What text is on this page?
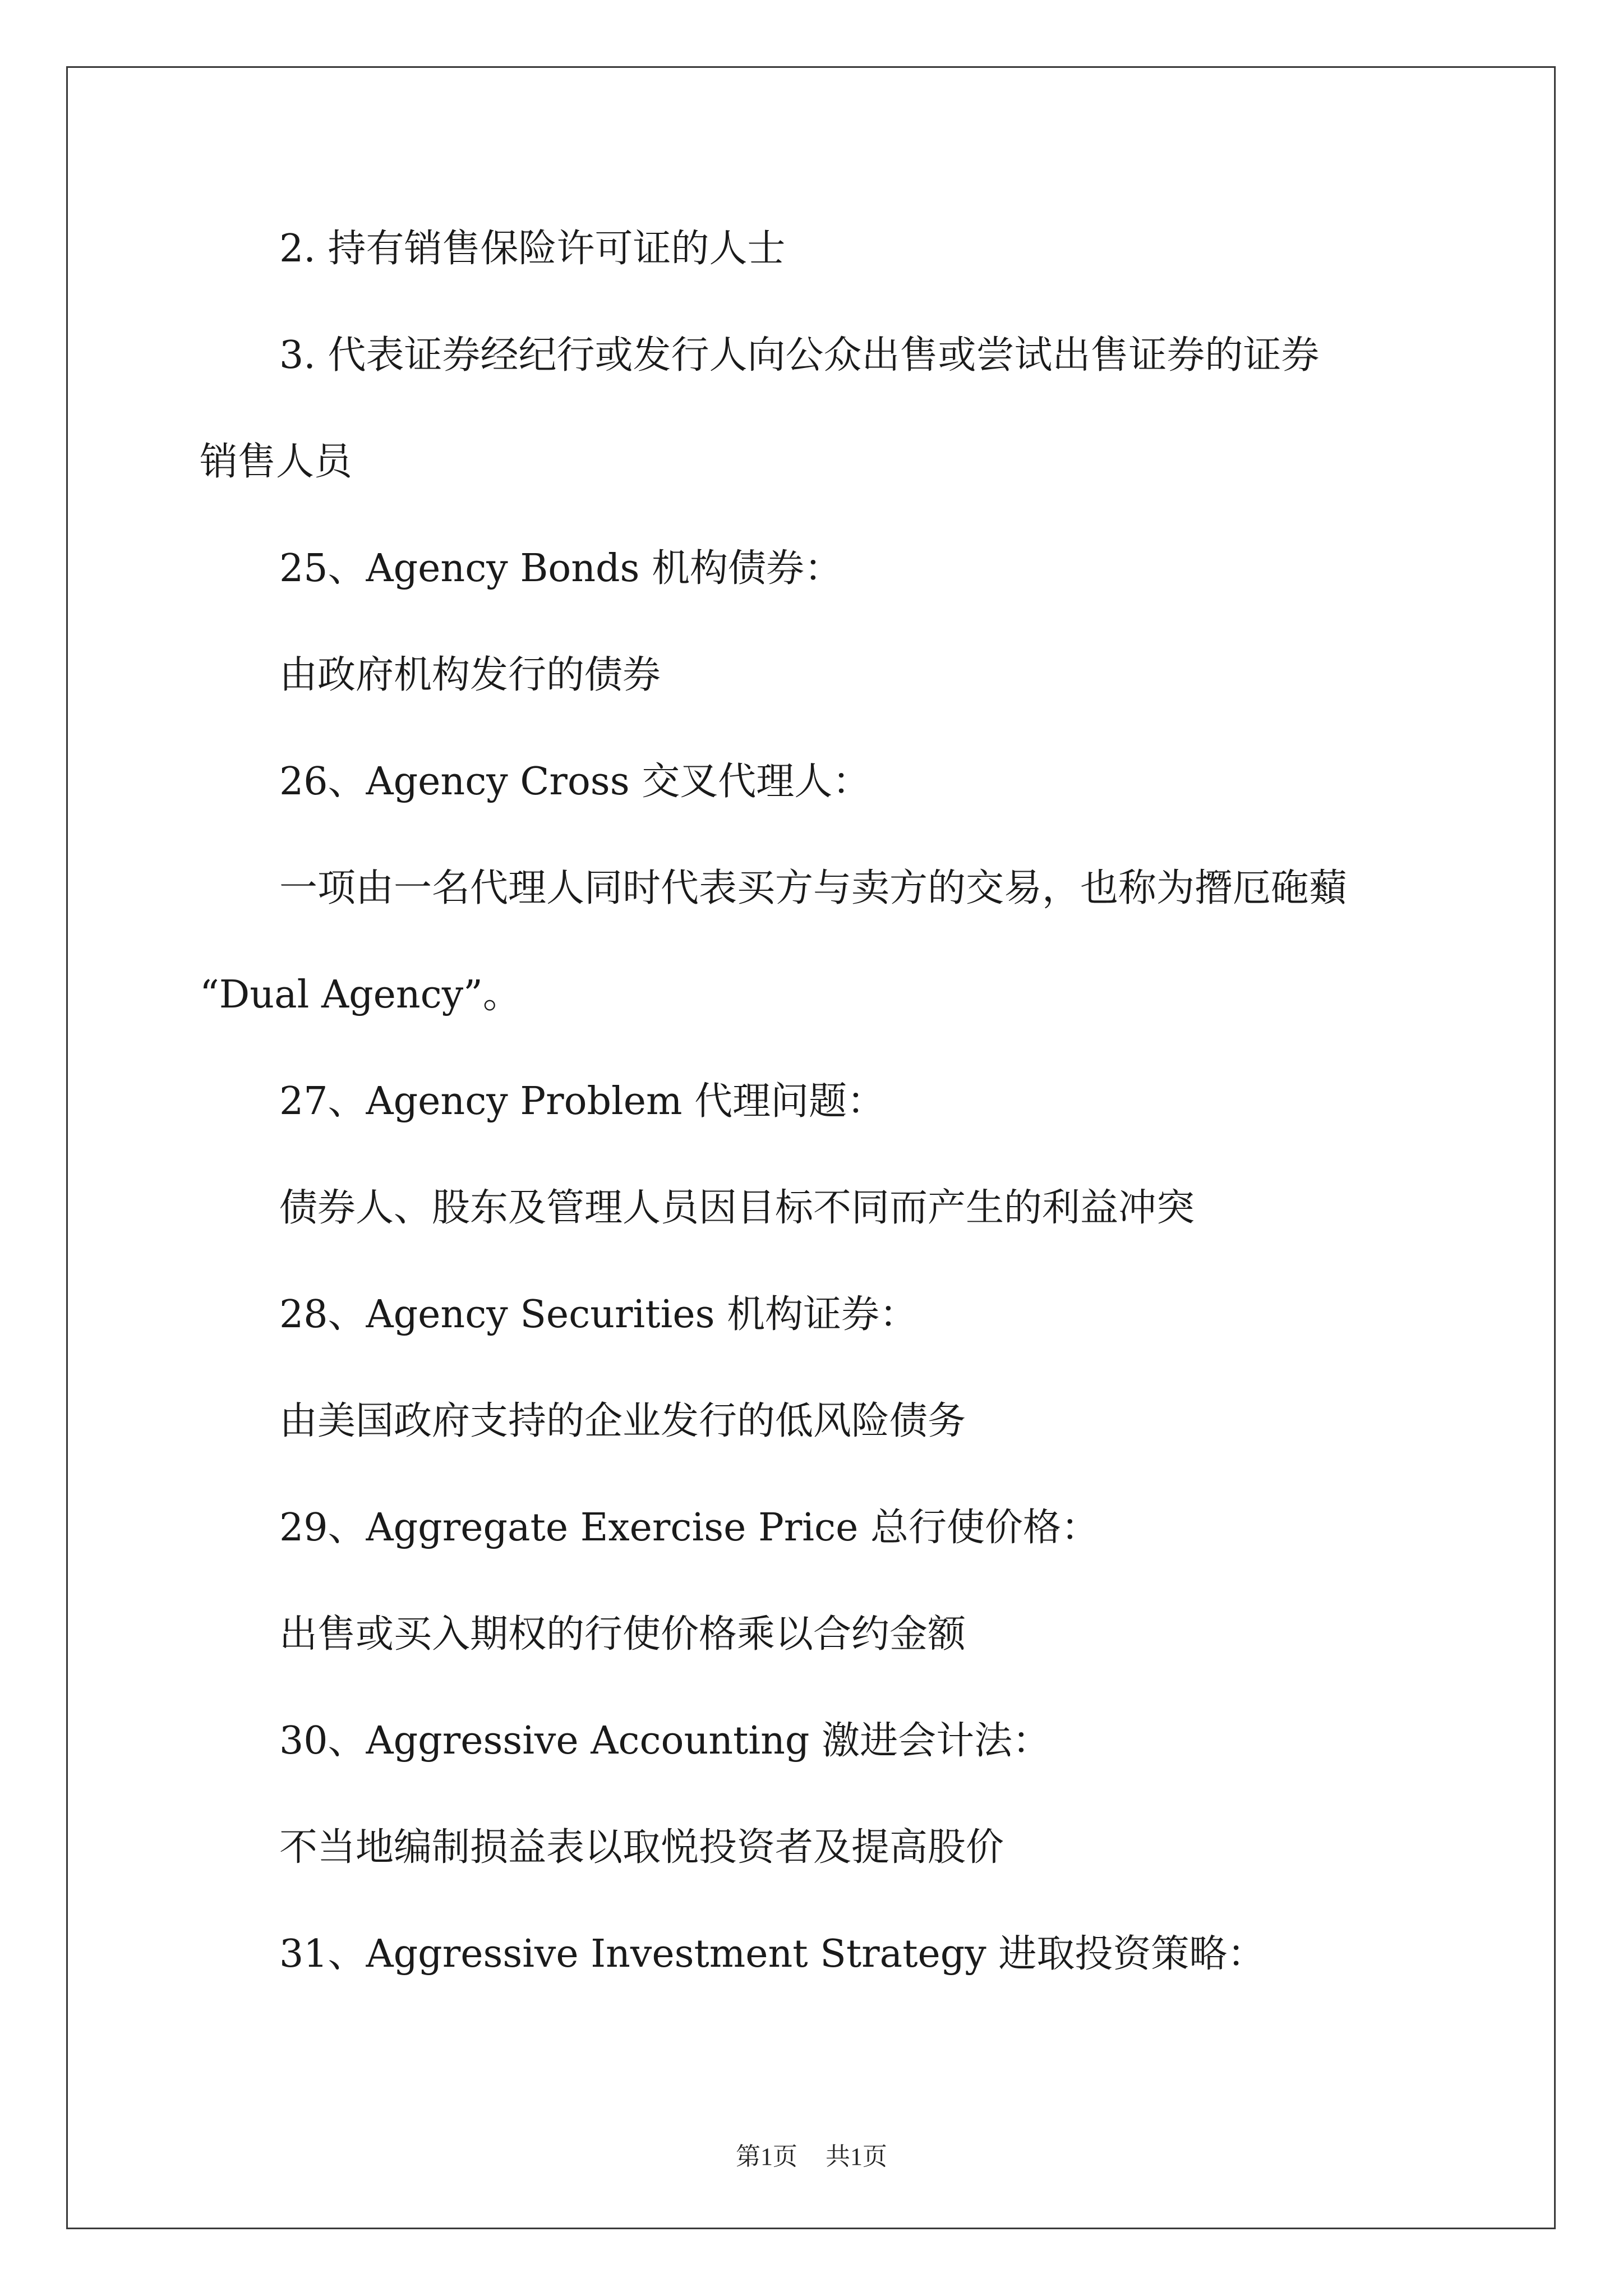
2. 持有销售保险许可证的人士

3. 代表证券经纪行或发行人向公众出售或尝试出售证券的证券

销售人员

25、Agency Bonds 机构债券：

由政府机构发行的债券

26、Agency Cross 交叉代理人：

一项由一名代理人同时代表买方与卖方的交易，也称为撍厄砤蘱

“Dual Agency”。

27、Agency Problem 代理问题：

债券人、股东及管理人员因目标不同而产生的利益冲突

28、Agency Securities 机构证券：

由美国政府支持的企业发行的低风险债务

29、Aggregate Exercise Price 总行使价格：

出售或买入期权的行使价格乘以合约金额

30、Aggressive Accounting 激进会计法：

不当地编制损益表以取悦投资者及提高股价

31、Aggressive Investment Strategy 进取投资策略：

第1页 共1页
